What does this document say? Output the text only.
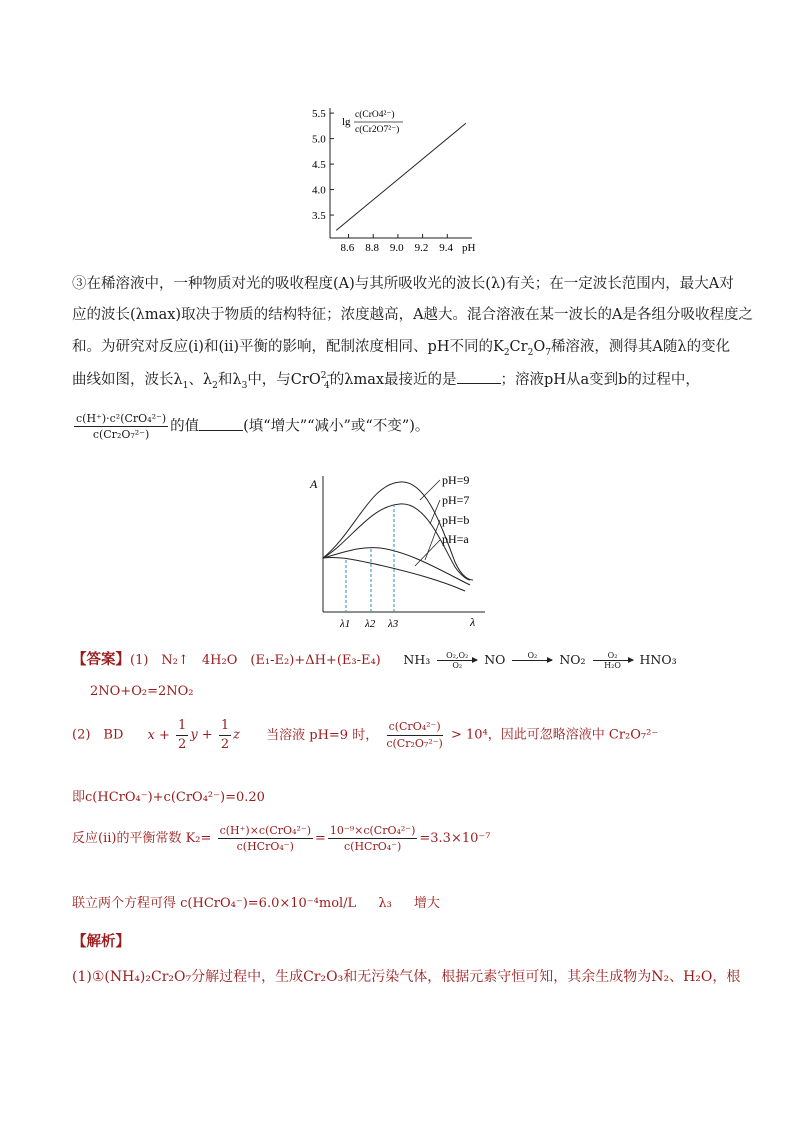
3.5
4.0
4.5
5.0
5.5
8.6 8.8 9.0 9.2 9.4
lg
c(CrO4²⁻)
c(Cr2O7²⁻)
pH
③在稀溶液中，一种物质对光的吸收程度(A)与其所吸收光的波长(λ)有关；在一定波长范围内，最大A对
应的波长(λmax)取决于物质的结构特征；浓度越高，A越大。混合溶液在某一波长的A是各组分吸收程度之
和。为研究对反应(ⅰ)和(ⅱ)平衡的影响，配制浓度相同、pH不同的$K_2Cr_2O_7$稀溶液，测得其A随λ的变化
曲线如图，波长$\lambda_1$、$\lambda_2$和$\lambda_3$中，与CrO$^{2-}_4$的λmax最接近的是	；溶液pH从a变到b的过程中，
$\frac{\text{c(H⁺)·c²(CrO₄²⁻)}}{\text{c(Cr₂O₇²⁻)}}$ 的值	(填“增大”“减小”或“不变”)。
A
λ
pH=9
pH=7
pH=b
pH=a
λ1 λ2 λ3
【答案】(1)　N₂↑　4H₂O　(E₁-E₂)+ΔH+(E₃-E₄) $NH_3 \frac{\text{O₂,O₂}}{\text{O₂}}$ NO	O₂
$NO_2 \frac{\text{O₂}}{\text{H₂O}} HNO_3$
2NO+O₂=2NO₂
(2)　BD $x + \frac{1}{2}$ $y + \frac{1}{2}$ z 当溶液 pH=9 时， $\frac{\text{c(CrO₄²⁻)}}{\text{c(Cr₂O₇²⁻)}} > 10^4$，因此可忽略溶液中 Cr₂O₇²⁻
即c(HCrO₄⁻)+c(CrO₄²⁻)=0.20
反应(ii)的平衡常数 $K_2= \frac{\text{c(H⁺)×c(CrO₄²⁻)}}{\text{c(HCrO₄⁻)}} = \frac{\text{10⁻⁹×c(CrO₄²⁻)}}{\text{c(HCrO₄⁻)}} =3.3\times 10^{-7}$
联立两个方程可得 c(HCrO₄⁻)=6.0×10⁻⁴mol/L λ₃ 增大
【解析】
(1)①(NH₄)₂Cr₂O₇分解过程中，生成Cr₂O₃和无污染气体，根据元素守恒可知，其余生成物为N₂、H₂O，根
